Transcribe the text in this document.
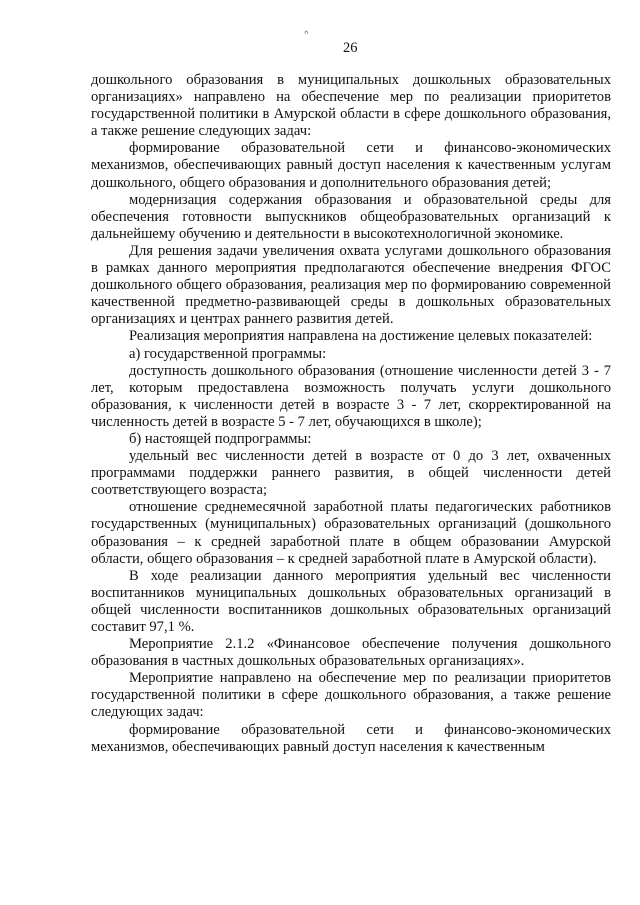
ᐢ
26

дошкольного образования в муниципальных дошкольных образовательных организациях» направлено на обеспечение мер по реализации приоритетов государственной политики в Амурской области в сфере дошкольного образования, а также решение следующих задач:

формирование образовательной сети и финансово-экономических механизмов, обеспечивающих равный доступ населения к качественным услугам дошкольного, общего образования и дополнительного образования детей;

модернизация содержания образования и образовательной среды для обеспечения готовности выпускников общеобразовательных организаций к дальнейшему обучению и деятельности в высокотехнологичной экономике.

Для решения задачи увеличения охвата услугами дошкольного образования в рамках данного мероприятия предполагаются обеспечение внедрения ФГОС дошкольного общего образования, реализация мер по формированию современной качественной предметно-развивающей среды в дошкольных образовательных организациях и центрах раннего развития детей.

Реализация мероприятия направлена на достижение целевых показателей:

а) государственной программы:

доступность дошкольного образования (отношение численности детей 3 - 7 лет, которым предоставлена возможность получать услуги дошкольного образования, к численности детей в возрасте 3 - 7 лет, скорректированной на численность детей в возрасте 5 - 7 лет, обучающихся в школе);

б) настоящей подпрограммы:

удельный вес численности детей в возрасте от 0 до 3 лет, охваченных программами поддержки раннего развития, в общей численности детей соответствующего возраста;

отношение среднемесячной заработной платы педагогических работников государственных (муниципальных) образовательных организаций (дошкольного образования – к средней заработной плате в общем образовании Амурской области, общего образования – к средней заработной плате в Амурской области).

В ходе реализации данного мероприятия удельный вес численности воспитанников муниципальных дошкольных образовательных организаций в общей численности воспитанников дошкольных образовательных организаций составит 97,1 %.

Мероприятие 2.1.2 «Финансовое обеспечение получения дошкольного образования в частных дошкольных образовательных организациях».

Мероприятие направлено на обеспечение мер по реализации приоритетов государственной политики в сфере дошкольного образования, а также решение следующих задач:

формирование образовательной сети и финансово-экономических механизмов, обеспечивающих равный доступ населения к качественным
